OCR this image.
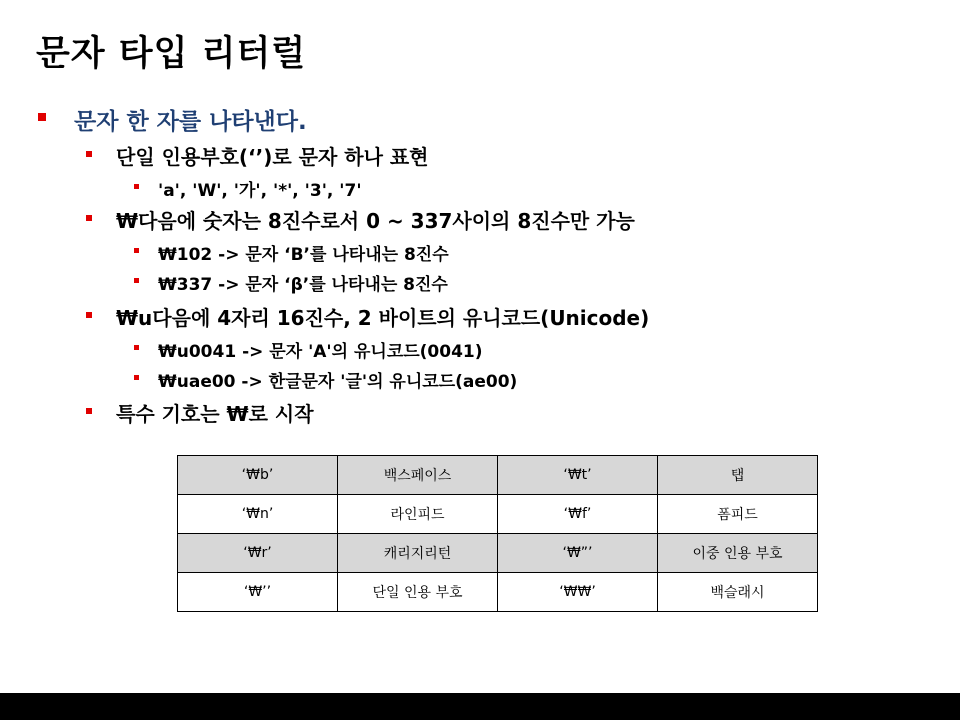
문자 타입 리터럴
문자 한 자를 나타낸다.
단일 인용부호(‘’)로 문자 하나 표현
'a', 'W', '가', '*', '3', '7'
₩다음에 숫자는 8진수로서 0 ~ 337사이의 8진수만 가능
₩102 -> 문자 ‘B’를 나타내는 8진수
₩337 -> 문자 ‘β’를 나타내는 8진수
₩u다음에 4자리 16진수, 2 바이트의 유니코드(Unicode)
₩u0041 -> 문자 'A'의 유니코드(0041)
₩uae00 -> 한글문자 '글'의 유니코드(ae00)
특수 기호는 ₩로 시작
‘₩b’	백스페이스	‘₩t’	탭
‘₩n’	라인피드	‘₩f’	폼피드
‘₩r’	캐리지리턴	‘₩”’	이중 인용 부호
‘₩’’	단일 인용 부호	‘₩₩’	백슬래시
